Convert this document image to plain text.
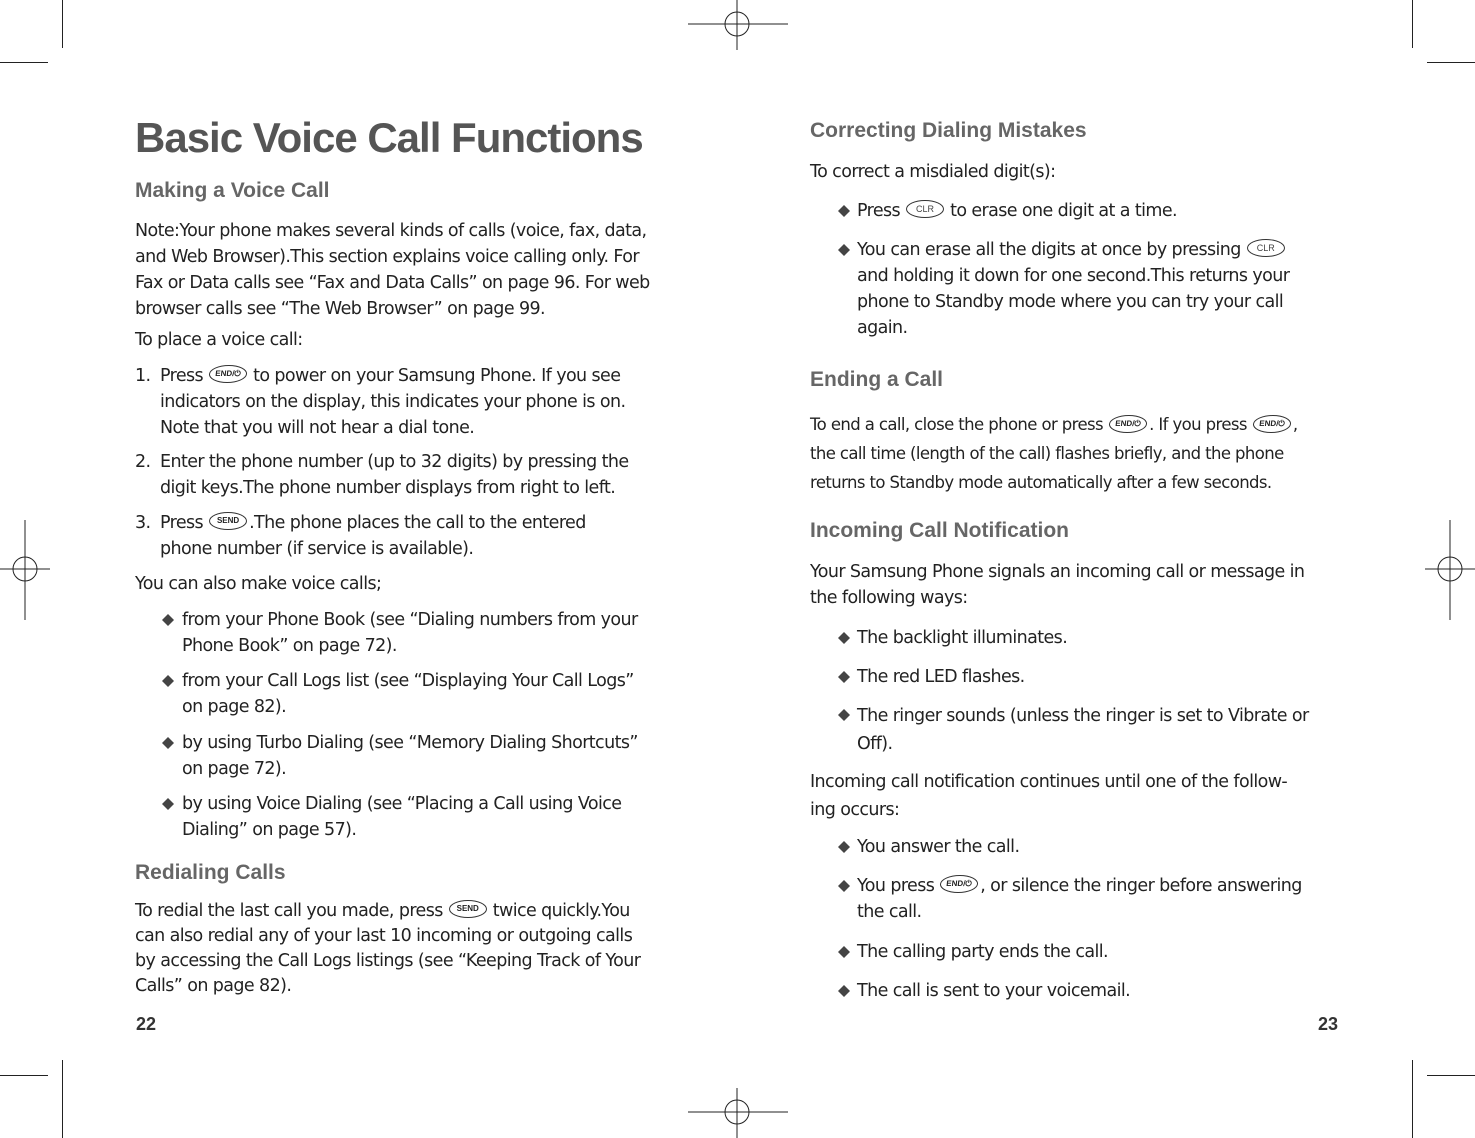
Basic Voice Call Functions
Making a Voice Call
Note:Your phone makes several kinds of calls (voice, fax, data,
and Web Browser).This section explains voice calling only. For
Fax or Data calls see “Fax and Data Calls” on page 96. For web
browser calls see “The Web Browser” on page 99.
To place a voice call:
1. Press END/⏻ to power on your Samsung Phone. If you see
indicators on the display, this indicates your phone is on.
Note that you will not hear a dial tone.
2. Enter the phone number (up to 32 digits) by pressing the
digit keys.The phone number displays from right to left.
3. Press SEND .The phone places the call to the entered
phone number (if service is available).
You can also make voice calls;
from your Phone Book (see “Dialing numbers from your
Phone Book” on page 72).
from your Call Logs list (see “Displaying Your Call Logs”
on page 82).
by using Turbo Dialing (see “Memory Dialing Shortcuts”
on page 72).
by using Voice Dialing (see “Placing a Call using Voice
Dialing” on page 57).
Redialing Calls
To redial the last call you made, press SEND twice quickly.You
can also redial any of your last 10 incoming or outgoing calls
by accessing the Call Logs listings (see “Keeping Track of Your
Calls” on page 82).
22
Correcting Dialing Mistakes
To correct a misdialed digit(s):
Press CLR to erase one digit at a time.
You can erase all the digits at once by pressing CLR
and holding it down for one second.This returns your
phone to Standby mode where you can try your call
again.
Ending a Call
To end a call, close the phone or press END/⏻ . If you press END/⏻ ,
the call time (length of the call) flashes briefly, and the phone
returns to Standby mode automatically after a few seconds.
Incoming Call Notification
Your Samsung Phone signals an incoming call or message in
the following ways:
The backlight illuminates.
The red LED flashes.
The ringer sounds (unless the ringer is set to Vibrate or
Off).
Incoming call notification continues until one of the follow-
ing occurs:
You answer the call.
You press END/⏻ , or silence the ringer before answering
the call.
The calling party ends the call.
The call is sent to your voicemail.
23
